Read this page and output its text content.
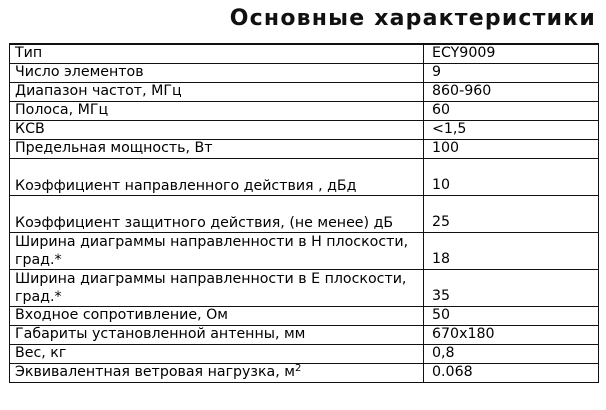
Основные характеристики
Тип	ECY9009
Число элементов	9
Диапазон частот, МГц	860-960
Полоса, МГц	60
КСВ	<1,5
Предельная мощность, Вт	100
Коэффициент направленного действия , дБд	10
Коэффициент защитного действия, (не менее) дБ	25
Ширина диаграммы направленности в Н плоскости, град.*	18
Ширина диаграммы направленности в Е плоскости, град.*	35
Входное сопротивление, Ом	50
Габариты установленной антенны, мм	670х180
Вес, кг	0,8
Эквивалентная ветровая нагрузка, $м^2$	0.068
